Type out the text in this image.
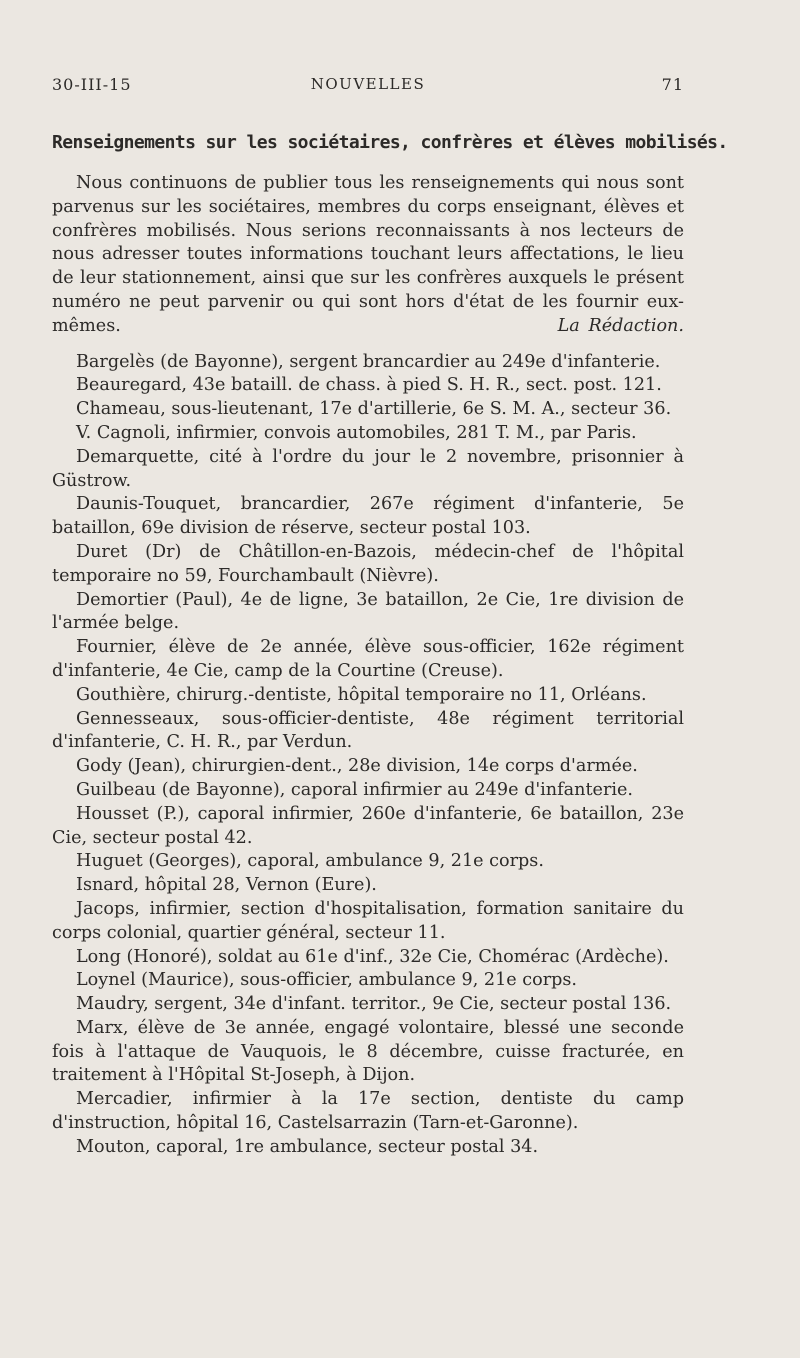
30-III-15	NOUVELLES	71
Renseignements sur les sociétaires, confrères et élèves mobilisés.

Nous continuons de publier tous les renseignements qui nous sont parvenus sur les sociétaires, membres du corps enseignant, élèves et confrères mobilisés. Nous serions reconnaissants à nos lecteurs de nous adresser toutes informations touchant leurs affectations, le lieu de leur stationnement, ainsi que sur les confrères auxquels le présent numéro ne peut parvenir ou qui sont hors d'état de les fournir eux-mêmes.	La Rédaction.

Bargelès (de Bayonne), sergent brancardier au 249e d'infanterie.

Beauregard, 43e bataill. de chass. à pied S. H. R., sect. post. 121.

Chameau, sous-lieutenant, 17e d'artillerie, 6e S. M. A., secteur 36.

V. Cagnoli, infirmier, convois automobiles, 281 T. M., par Paris.

Demarquette, cité à l'ordre du jour le 2 novembre, prisonnier à Güstrow.

Daunis-Touquet, brancardier, 267e régiment d'infanterie, 5e bataillon, 69e division de réserve, secteur postal 103.

Duret (Dr) de Châtillon-en-Bazois, médecin-chef de l'hôpital temporaire no 59, Fourchambault (Nièvre).

Demortier (Paul), 4e de ligne, 3e bataillon, 2e Cie, 1re division de l'armée belge.

Fournier, élève de 2e année, élève sous-officier, 162e régiment d'infanterie, 4e Cie, camp de la Courtine (Creuse).

Gouthière, chirurg.-dentiste, hôpital temporaire no 11, Orléans.

Gennesseaux, sous-officier-dentiste, 48e régiment territorial d'infanterie, C. H. R., par Verdun.

Gody (Jean), chirurgien-dent., 28e division, 14e corps d'armée.

Guilbeau (de Bayonne), caporal infirmier au 249e d'infanterie.

Housset (P.), caporal infirmier, 260e d'infanterie, 6e bataillon, 23e Cie, secteur postal 42.

Huguet (Georges), caporal, ambulance 9, 21e corps.

Isnard, hôpital 28, Vernon (Eure).

Jacops, infirmier, section d'hospitalisation, formation sanitaire du corps colonial, quartier général, secteur 11.

Long (Honoré), soldat au 61e d'inf., 32e Cie, Chomérac (Ardèche).

Loynel (Maurice), sous-officier, ambulance 9, 21e corps.

Maudry, sergent, 34e d'infant. territor., 9e Cie, secteur postal 136.

Marx, élève de 3e année, engagé volontaire, blessé une seconde fois à l'attaque de Vauquois, le 8 décembre, cuisse fracturée, en traitement à l'Hôpital St-Joseph, à Dijon.

Mercadier, infirmier à la 17e section, dentiste du camp d'instruction, hôpital 16, Castelsarrazin (Tarn-et-Garonne).

Mouton, caporal, 1re ambulance, secteur postal 34.
